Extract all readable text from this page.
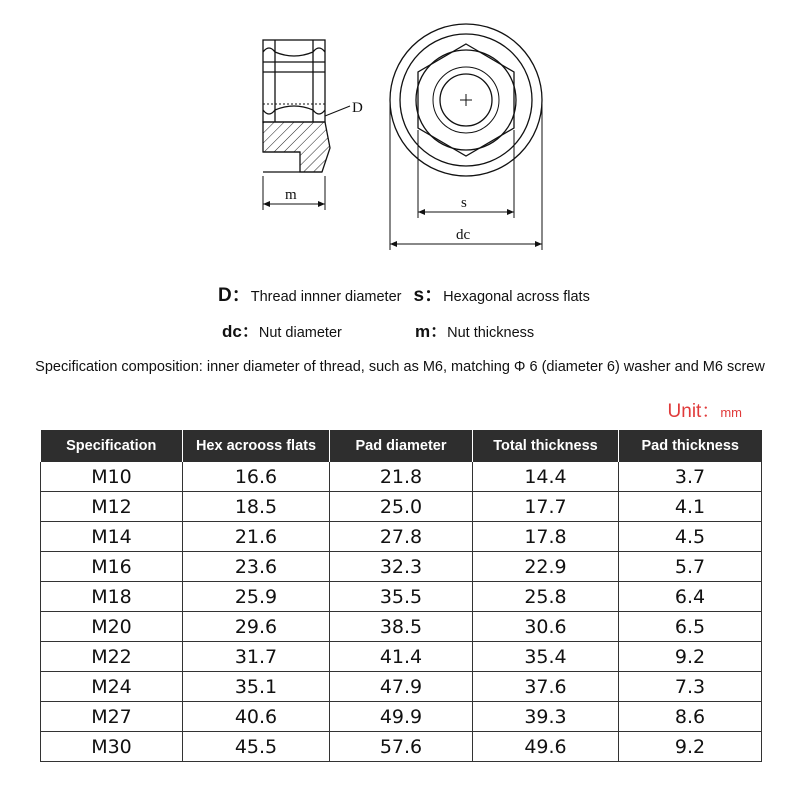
D
m	s
dc
D：Thread innner diameter s：Hexagonal across flats
dc：Nut diameter	m：Nut thickness
Specification composition: inner diameter of thread, such as M6, matching Φ 6 (diameter 6) washer and M6 screw
Unit：mm
Specification	Hex acrooss flats	Pad diameter	Total thickness	Pad thickness
M10	16.6	21.8	14.4	3.7
M12	18.5	25.0	17.7	4.1
M14	21.6	27.8	17.8	4.5
M16	23.6	32.3	22.9	5.7
M18	25.9	35.5	25.8	6.4
M20	29.6	38.5	30.6	6.5
M22	31.7	41.4	35.4	9.2
M24	35.1	47.9	37.6	7.3
M27	40.6	49.9	39.3	8.6
M30	45.5	57.6	49.6	9.2
